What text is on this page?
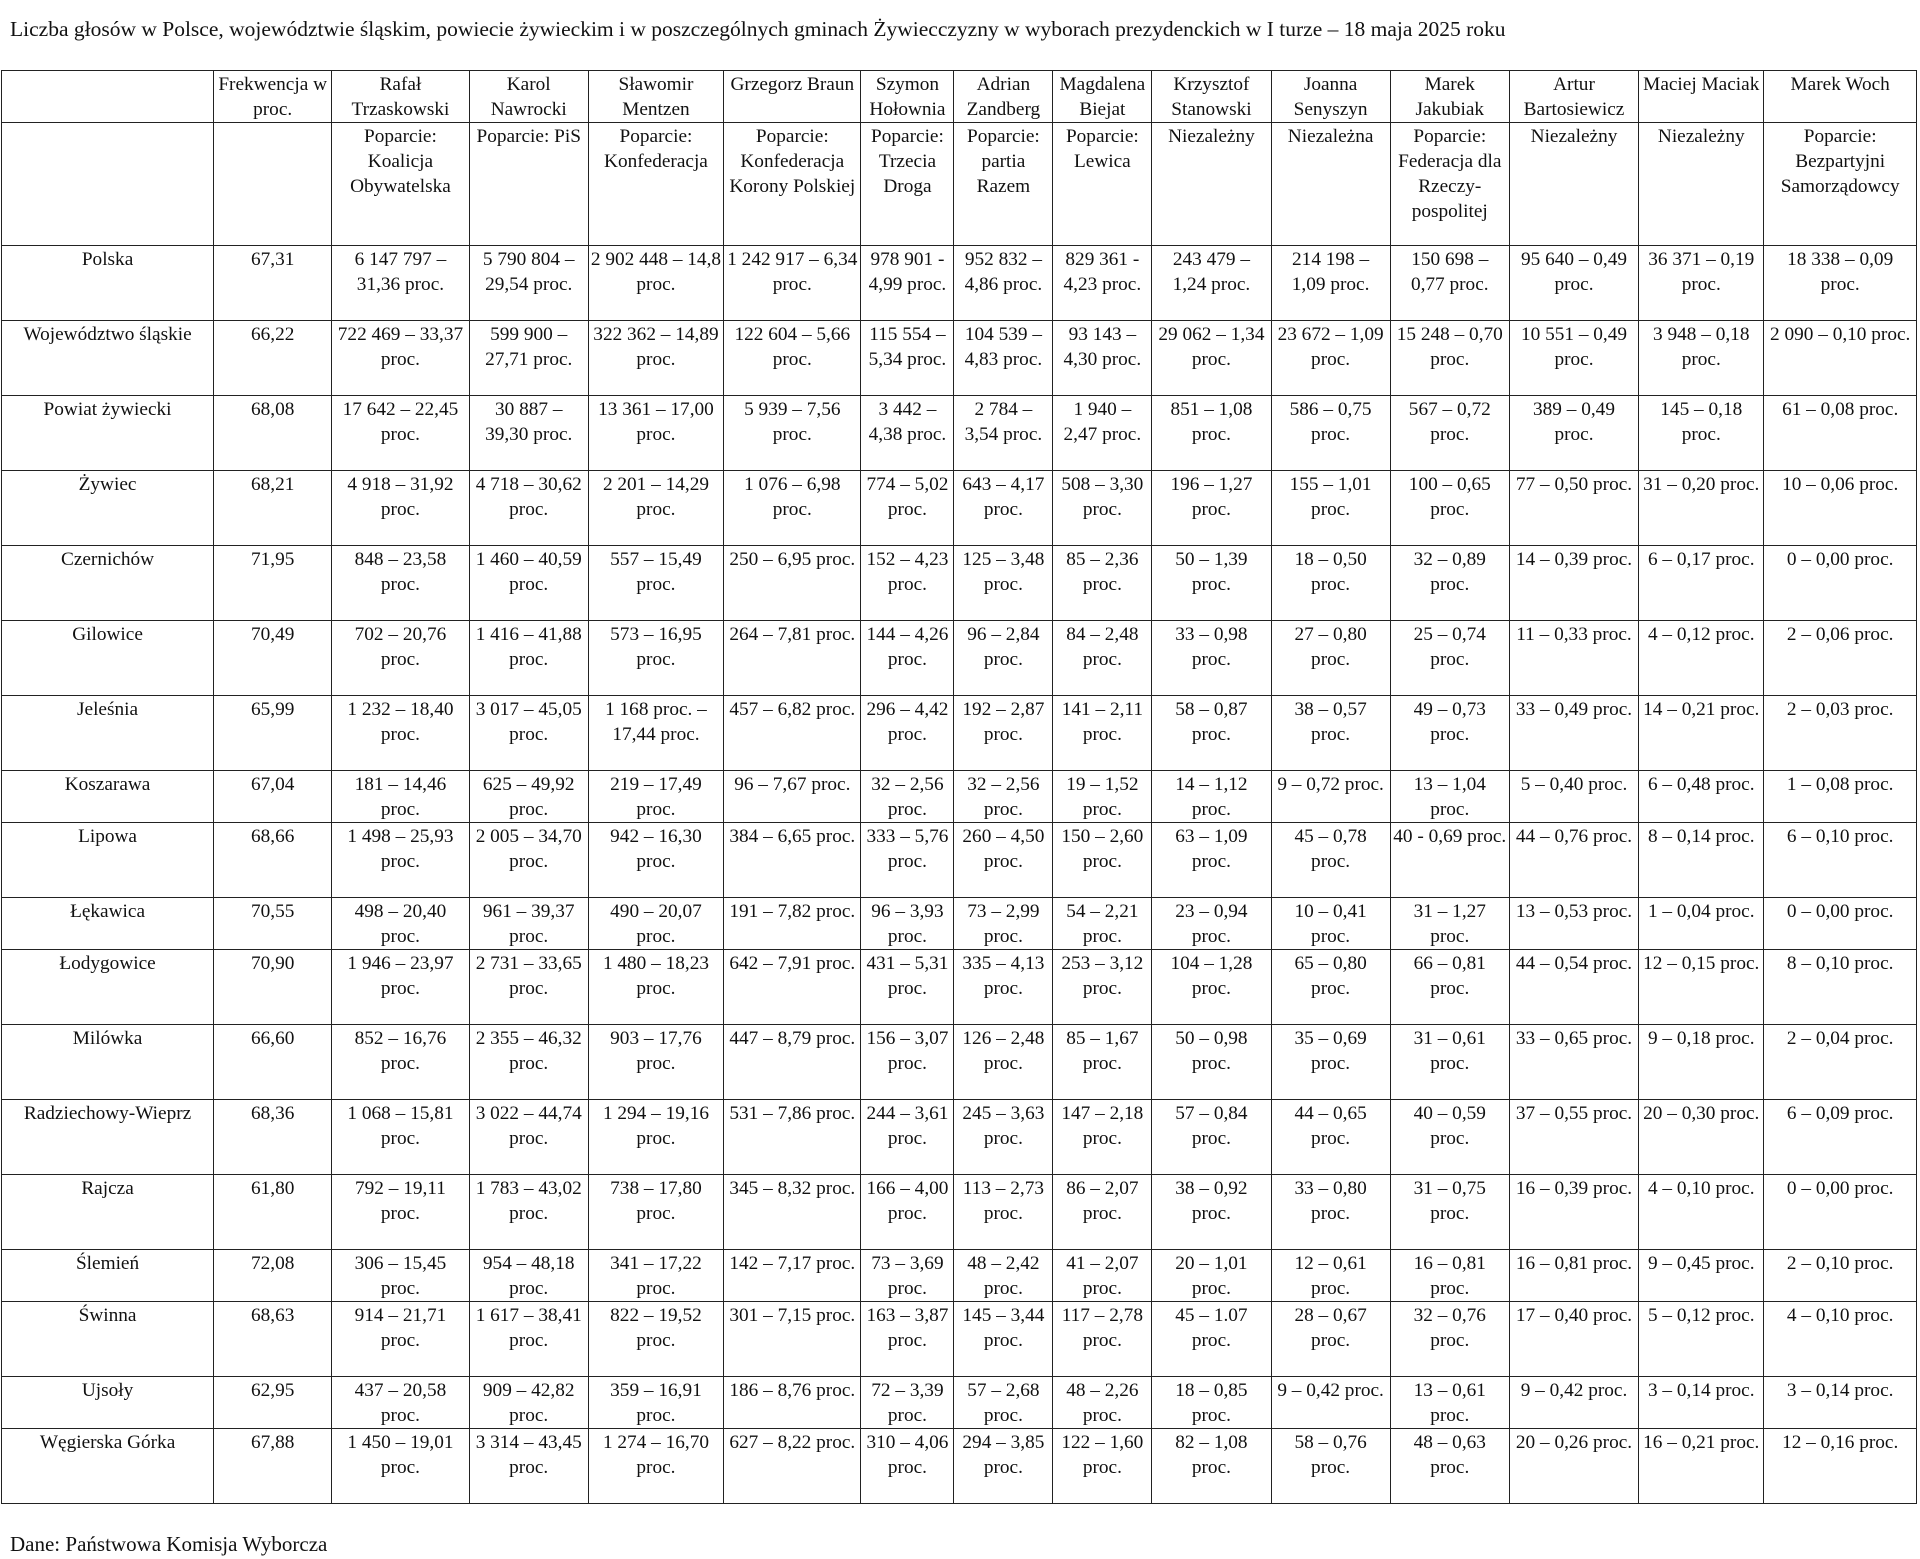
Liczba głosów w Polsce, województwie śląskim, powiecie żywieckim i w poszczególnych gminach Żywiecczyzny w wyborach prezydenckich w I turze – 18 maja 2025 roku
	Frekwencja w proc.	Rafał Trzaskowski	Karol Nawrocki	Sławomir Mentzen	Grzegorz Braun	Szymon Hołownia	Adrian Zandberg	Magdalena Biejat	Krzysztof Stanowski	Joanna Senyszyn	Marek Jakubiak	Artur Bartosiewicz	Maciej Maciak	Marek Woch
		Poparcie: Koalicja Obywatelska	Poparcie: PiS	Poparcie: Konfederacja	Poparcie: Konfederacja Korony Polskiej	Poparcie: Trzecia Droga	Poparcie: partia Razem	Poparcie: Lewica	Niezależny	Niezależna	Poparcie: Federacja dla Rzeczy-pospolitej	Niezależny	Niezależny	Poparcie: Bezpartyjni Samorządowcy
Polska	67,31	6 147 797 – 31,36 proc.	5 790 804 – 29,54 proc.	2 902 448 – 14,8 proc.	1 242 917 – 6,34 proc.	978 901 - 4,99 proc.	952 832 – 4,86 proc.	829 361 - 4,23 proc.	243 479 – 1,24 proc.	214 198 – 1,09 proc.	150 698 – 0,77 proc.	95 640 – 0,49 proc.	36 371 – 0,19 proc.	18 338 – 0,09 proc.
Województwo śląskie	66,22	722 469 – 33,37 proc.	599 900 – 27,71 proc.	322 362 – 14,89 proc.	122 604 – 5,66 proc.	115 554 – 5,34 proc.	104 539 – 4,83 proc.	93 143 – 4,30 proc.	29 062 – 1,34 proc.	23 672 – 1,09 proc.	15 248 – 0,70 proc.	10 551 – 0,49 proc.	3 948 – 0,18 proc.	2 090 – 0,10 proc.
Powiat żywiecki	68,08	17 642 – 22,45 proc.	30 887 – 39,30 proc.	13 361 – 17,00 proc.	5 939 – 7,56 proc.	3 442 – 4,38 proc.	2 784 – 3,54 proc.	1 940 – 2,47 proc.	851 – 1,08 proc.	586 – 0,75 proc.	567 – 0,72 proc.	389 – 0,49 proc.	145 – 0,18 proc.	61 – 0,08 proc.
Żywiec	68,21	4 918 – 31,92 proc.	4 718 – 30,62 proc.	2 201 – 14,29 proc.	1 076 – 6,98 proc.	774 – 5,02 proc.	643 – 4,17 proc.	508 – 3,30 proc.	196 – 1,27 proc.	155 – 1,01 proc.	100 – 0,65 proc.	77 – 0,50 proc.	31 – 0,20 proc.	10 – 0,06 proc.
Czernichów	71,95	848 – 23,58 proc.	1 460 – 40,59 proc.	557 – 15,49 proc.	250 – 6,95 proc.	152 – 4,23 proc.	125 – 3,48 proc.	85 – 2,36 proc.	50 – 1,39 proc.	18 – 0,50 proc.	32 – 0,89 proc.	14 – 0,39 proc.	6 – 0,17 proc.	0 – 0,00 proc.
Gilowice	70,49	702 – 20,76 proc.	1 416 – 41,88 proc.	573 – 16,95 proc.	264 – 7,81 proc.	144 – 4,26 proc.	96 – 2,84 proc.	84 – 2,48 proc.	33 – 0,98 proc.	27 – 0,80 proc.	25 – 0,74 proc.	11 – 0,33 proc.	4 – 0,12 proc.	2 – 0,06 proc.
Jeleśnia	65,99	1 232 – 18,40 proc.	3 017 – 45,05 proc.	1 168 proc. – 17,44 proc.	457 – 6,82 proc.	296 – 4,42 proc.	192 – 2,87 proc.	141 – 2,11 proc.	58 – 0,87 proc.	38 – 0,57 proc.	49 – 0,73 proc.	33 – 0,49 proc.	14 – 0,21 proc.	2 – 0,03 proc.
Koszarawa	67,04	181 – 14,46 proc.	625 – 49,92 proc.	219 – 17,49 proc.	96 – 7,67 proc.	32 – 2,56 proc.	32 – 2,56 proc.	19 – 1,52 proc.	14 – 1,12 proc.	9 – 0,72 proc.	13 – 1,04 proc.	5 – 0,40 proc.	6 – 0,48 proc.	1 – 0,08 proc.
Lipowa	68,66	1 498 – 25,93 proc.	2 005 – 34,70 proc.	942 – 16,30 proc.	384 – 6,65 proc.	333 – 5,76 proc.	260 – 4,50 proc.	150 – 2,60 proc.	63 – 1,09 proc.	45 – 0,78 proc.	40 - 0,69 proc.	44 – 0,76 proc.	8 – 0,14 proc.	6 – 0,10 proc.
Łękawica	70,55	498 – 20,40 proc.	961 – 39,37 proc.	490 – 20,07 proc.	191 – 7,82 proc.	96 – 3,93 proc.	73 – 2,99 proc.	54 – 2,21 proc.	23 – 0,94 proc.	10 – 0,41 proc.	31 – 1,27 proc.	13 – 0,53 proc.	1 – 0,04 proc.	0 – 0,00 proc.
Łodygowice	70,90	1 946 – 23,97 proc.	2 731 – 33,65 proc.	1 480 – 18,23 proc.	642 – 7,91 proc.	431 – 5,31 proc.	335 – 4,13 proc.	253 – 3,12 proc.	104 – 1,28 proc.	65 – 0,80 proc.	66 – 0,81 proc.	44 – 0,54 proc.	12 – 0,15 proc.	8 – 0,10 proc.
Milówka	66,60	852 – 16,76 proc.	2 355 – 46,32 proc.	903 – 17,76 proc.	447 – 8,79 proc.	156 – 3,07 proc.	126 – 2,48 proc.	85 – 1,67 proc.	50 – 0,98 proc.	35 – 0,69 proc.	31 – 0,61 proc.	33 – 0,65 proc.	9 – 0,18 proc.	2 – 0,04 proc.
Radziechowy-Wieprz	68,36	1 068 – 15,81 proc.	3 022 – 44,74 proc.	1 294 – 19,16 proc.	531 – 7,86 proc.	244 – 3,61 proc.	245 – 3,63 proc.	147 – 2,18 proc.	57 – 0,84 proc.	44 – 0,65 proc.	40 – 0,59 proc.	37 – 0,55 proc.	20 – 0,30 proc.	6 – 0,09 proc.
Rajcza	61,80	792 – 19,11 proc.	1 783 – 43,02 proc.	738 – 17,80 proc.	345 – 8,32 proc.	166 – 4,00 proc.	113 – 2,73 proc.	86 – 2,07 proc.	38 – 0,92 proc.	33 – 0,80 proc.	31 – 0,75 proc.	16 – 0,39 proc.	4 – 0,10 proc.	0 – 0,00 proc.
Ślemień	72,08	306 – 15,45 proc.	954 – 48,18 proc.	341 – 17,22 proc.	142 – 7,17 proc.	73 – 3,69 proc.	48 – 2,42 proc.	41 – 2,07 proc.	20 – 1,01 proc.	12 – 0,61 proc.	16 – 0,81 proc.	16 – 0,81 proc.	9 – 0,45 proc.	2 – 0,10 proc.
Świnna	68,63	914 – 21,71 proc.	1 617 – 38,41 proc.	822 – 19,52 proc.	301 – 7,15 proc.	163 – 3,87 proc.	145 – 3,44 proc.	117 – 2,78 proc.	45 – 1.07 proc.	28 – 0,67 proc.	32 – 0,76 proc.	17 – 0,40 proc.	5 – 0,12 proc.	4 – 0,10 proc.
Ujsoły	62,95	437 – 20,58 proc.	909 – 42,82 proc.	359 – 16,91 proc.	186 – 8,76 proc.	72 – 3,39 proc.	57 – 2,68 proc.	48 – 2,26 proc.	18 – 0,85 proc.	9 – 0,42 proc.	13 – 0,61 proc.	9 – 0,42 proc.	3 – 0,14 proc.	3 – 0,14 proc.
Węgierska Górka	67,88	1 450 – 19,01 proc.	3 314 – 43,45 proc.	1 274 – 16,70 proc.	627 – 8,22 proc.	310 – 4,06 proc.	294 – 3,85 proc.	122 – 1,60 proc.	82 – 1,08 proc.	58 – 0,76 proc.	48 – 0,63 proc.	20 – 0,26 proc.	16 – 0,21 proc.	12 – 0,16 proc.
Dane: Państwowa Komisja Wyborcza
